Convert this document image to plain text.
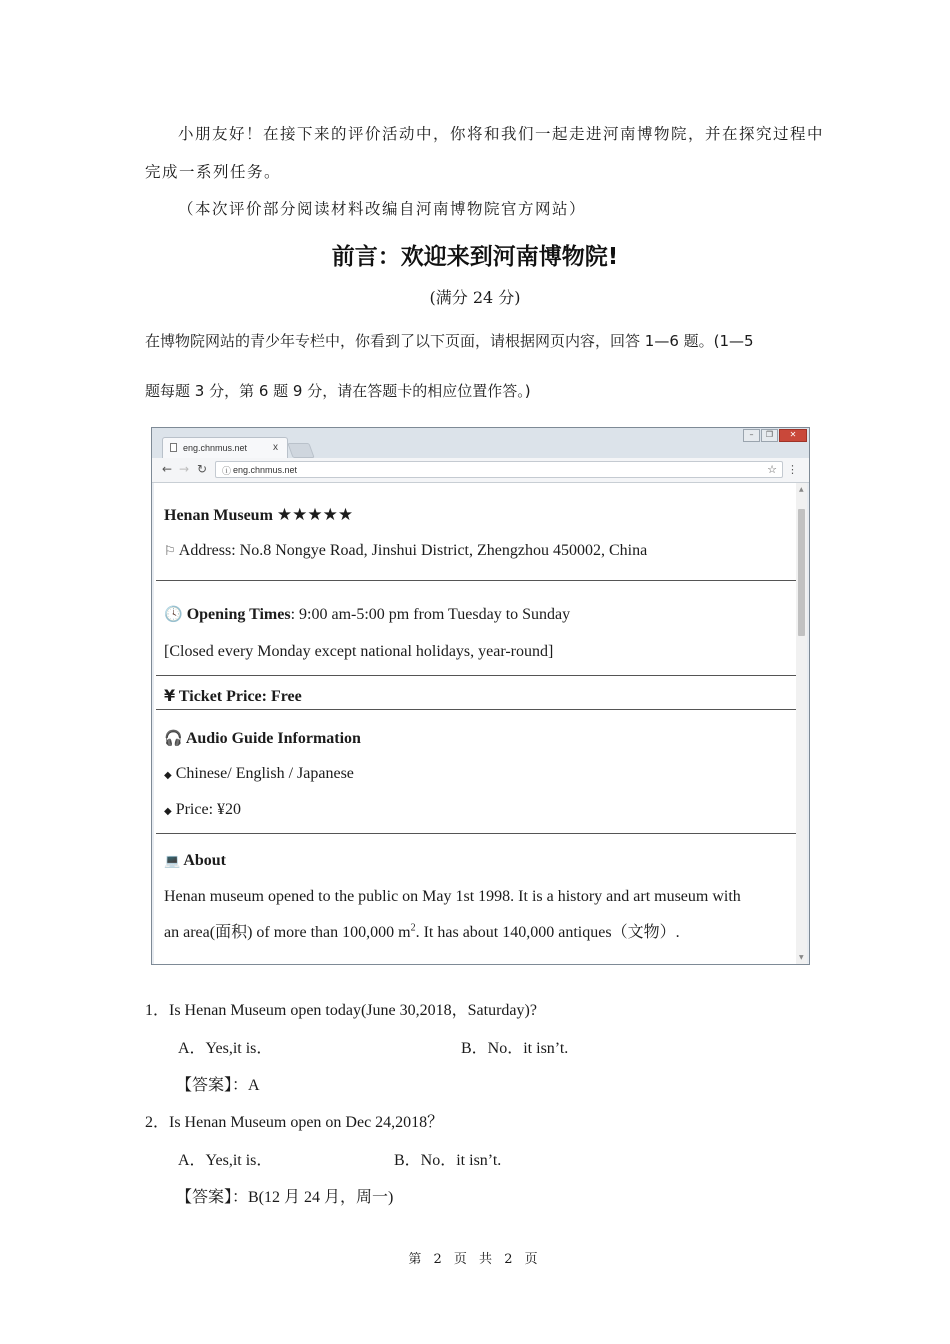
小朋友好！在接下来的评价活动中，你将和我们一起走进河南博物院，并在探究过程中
完成一系列任务。
（本次评价部分阅读材料改编自河南博物院官方网站）
前言：欢迎来到河南博物院!
(满分 24 分)
在博物院网站的青少年专栏中，你看到了以下页面，请根据网页内容，回答 1—6 题。(1—5
题每题 3 分，第 6 题 9 分，请在答题卡的相应位置作答。)
eng.chnmus.net	x
–	❐	✕
← → ↻ ⓘ eng.chnmus.net	☆ ⋮
Henan Museum ★★★★★
⚐ Address: No.8 Nongye Road, Jinshui District, Zhengzhou 450002, China
🕓 Opening Times: 9:00 am-5:00 pm from Tuesday to Sunday
[Closed every Monday except national holidays, year-round]
¥ Ticket Price: Free
🎧 Audio Guide Information
◆ Chinese/ English / Japanese
◆ Price: ¥20
💻 About
Henan museum opened to the public on May 1st 1998. It is a history and art museum with
an area(面积) of more than 100,000 $m^2$. It has about 140,000 antiques（文物）.
▲
▼
1．Is Henan Museum open today(June 30,2018，Saturday)?
A．Yes,it is．	B．No．it isn’t.
【答案】：A
2．Is Henan Museum open on Dec 24,2018？
A．Yes,it is．	B．No．it isn’t.
【答案】：B(12 月 24 月，周一)
第 2 页 共 2 页
